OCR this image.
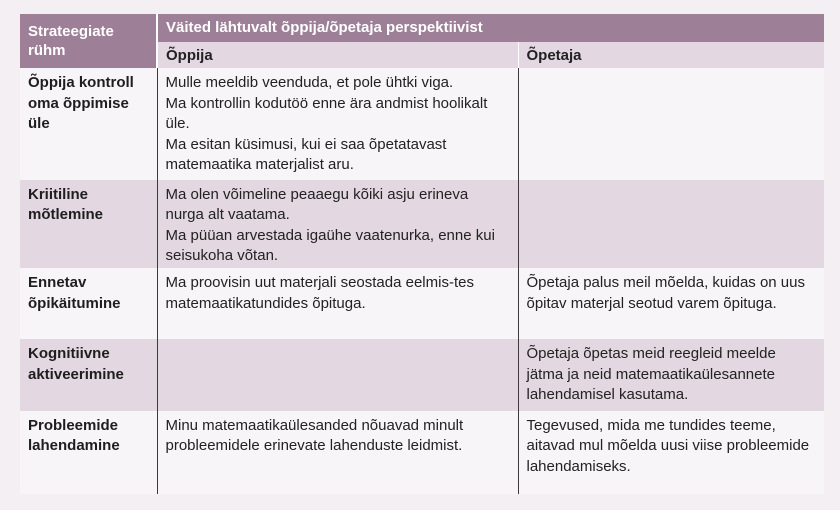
Strateegiate rühm	Väited lähtuvalt õppija/õpetaja perspektiivist	
	Õppija	Õpetaja
Õppija kontroll oma õppimise üle	Mulle meeldib veenduda, et pole ühtki viga.
Ma kontrollin kodutöö enne ära andmist hoolikalt üle.
Ma esitan küsimusi, kui ei saa õpetatavast matemaatika materjalist aru.	

Kriitiline mõtlemine	Ma olen võimeline peaaegu kõiki asju erineva nurga alt vaatama.
Ma püüan arvestada igaühe vaatenurka, enne kui seisukoha võtan.	

Ennetav õpikäitumine	Ma proovisin uut materjali seostada eelmis-tes matemaatikatundides õpituga.	Õpetaja palus meil mõelda, kuidas on uus õpitav materjal seotud varem õpituga.

Kognitiivne aktiveerimine		Õpetaja õpetas meid reegleid meelde jätma ja neid matemaatikaülesannete lahendamisel kasutama.

Probleemide lahendamine	Minu matemaatikaülesanded nõuavad minult probleemidele erinevate lahenduste leidmist.	Tegevused, mida me tundides teeme, aitavad mul mõelda uusi viise probleemide lahendamiseks.
